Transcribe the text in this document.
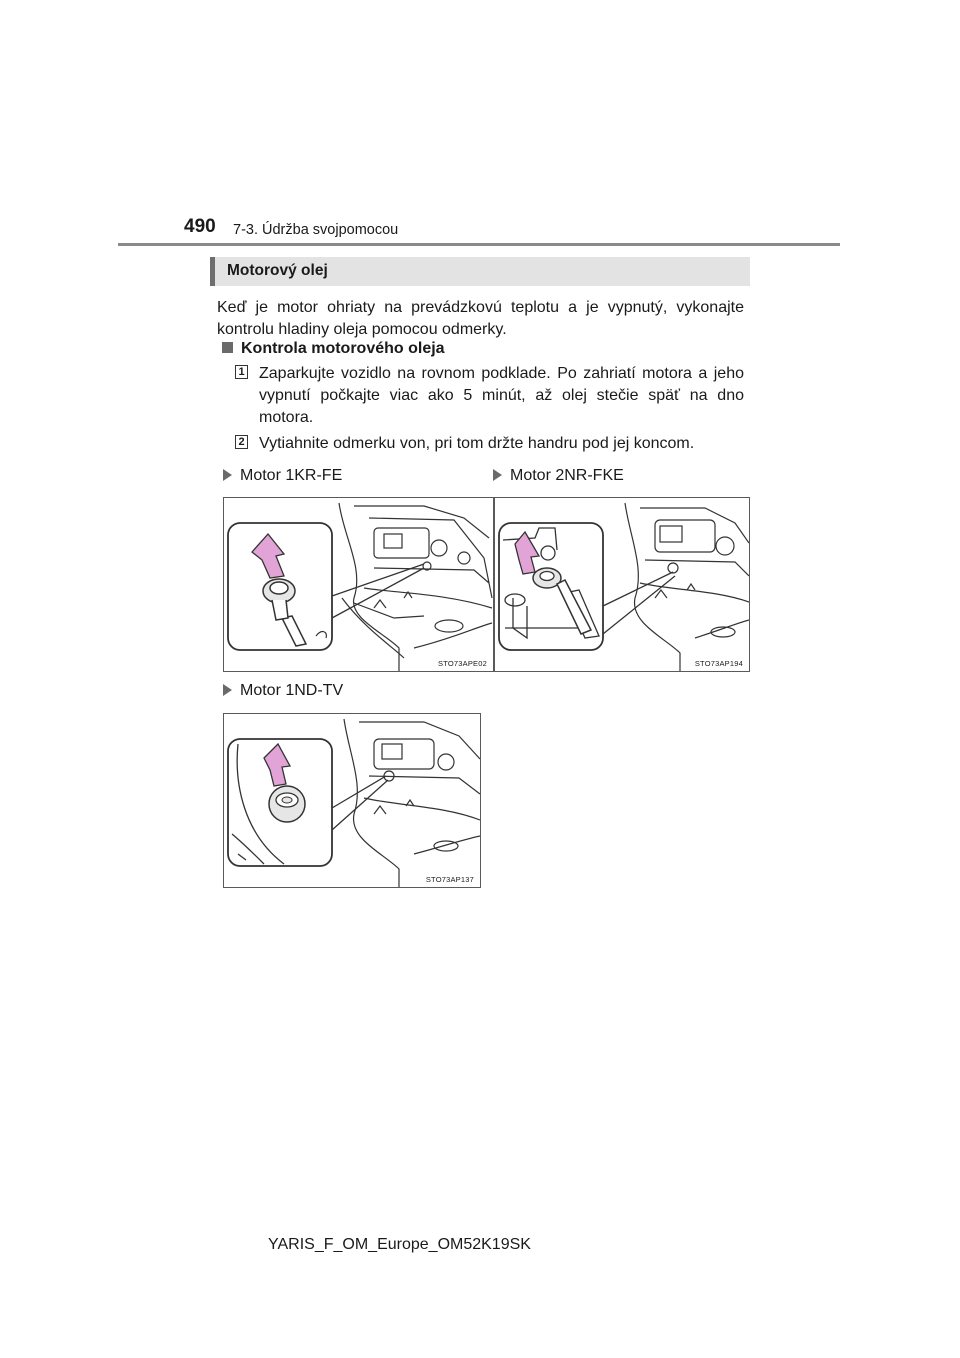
490 7-3. Údržba svojpomocou
Motorový olej
Keď je motor ohriaty na prevádzkovú teplotu a je vypnutý, vykonajte kontrolu hladiny oleja pomocou odmerky.
Kontrola motorového oleja
1 Zaparkujte vozidlo na rovnom podklade. Po zahriatí motora a jeho vypnutí počkajte viac ako 5 minút, až olej stečie späť na dno motora.
2 Vytiahnite odmerku von, pri tom držte handru pod jej koncom.
Motor 1KR-FE	Motor 2NR-FKE
STO73APE02	STO73AP194
Motor 1ND-TV
STO73AP137
YARIS_F_OM_Europe_OM52K19SK
